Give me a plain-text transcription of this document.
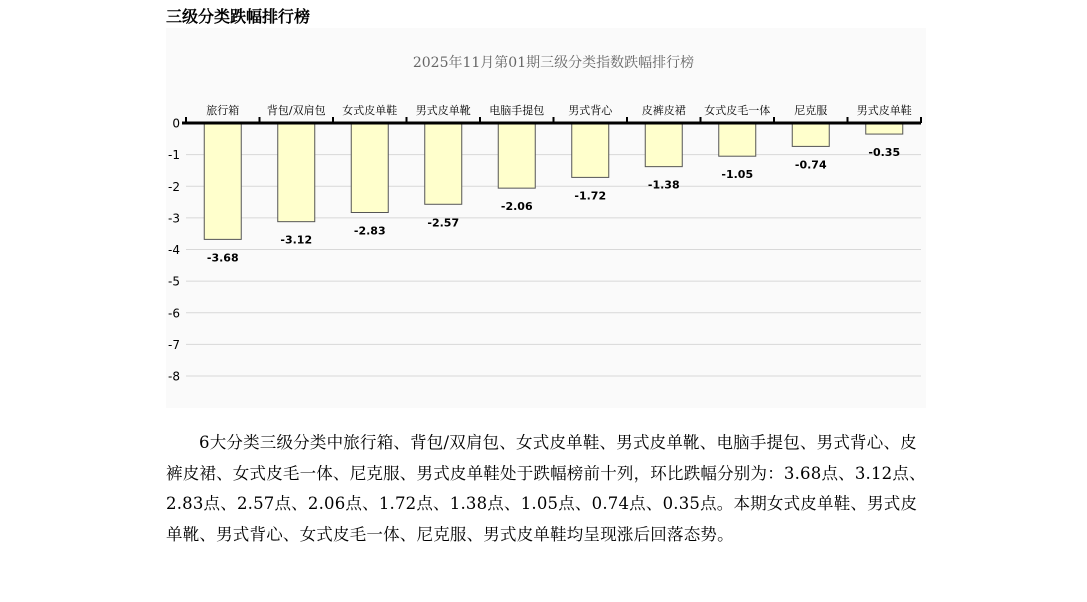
三级分类跌幅排行榜
2025年11月第01期三级分类指数跌幅排行榜
0
-1
-2
-3
-4
-5
-6
-7
-8
-3.68
旅行箱
-3.12
背包/双肩包
-2.83
女式皮单鞋
-2.57
男式皮单靴
-2.06
电脑手提包
-1.72
男式背心
-1.38
皮裤皮裙
-1.05
女式皮毛一体
-0.74
尼克服
-0.35
男式皮单鞋

6大分类三级分类中旅行箱、背包/双肩包、女式皮单鞋、男式皮单靴、电脑手提包、男式背心、皮裤皮裙、女式皮毛一体、尼克服、男式皮单鞋处于跌幅榜前十列，环比跌幅分别为：3.68点、3.12点、2.83点、2.57点、2.06点、1.72点、1.38点、1.05点、0.74点、0.35点。本期女式皮单鞋、男式皮单靴、男式背心、女式皮毛一体、尼克服、男式皮单鞋均呈现涨后回落态势。
